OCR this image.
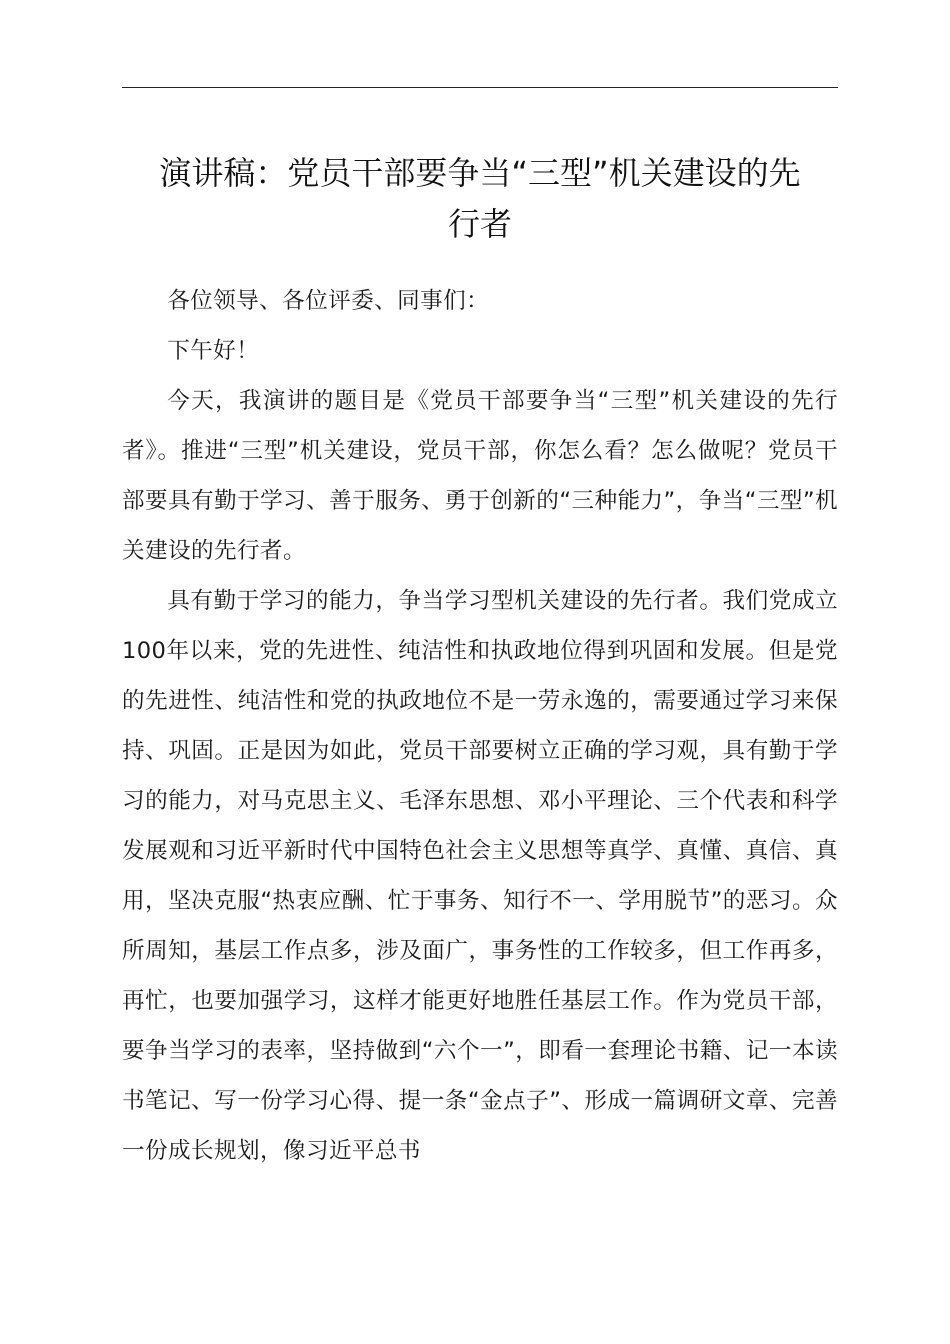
演讲稿：党员干部要争当“三型”机关建设的先
行者

各位领导、各位评委、同事们：

下午好！

今天，我演讲的题目是《党员干部要争当“三型”机关建设的先行者》。推进“三型”机关建设，党员干部，你怎么看？怎么做呢？党员干部要具有勤于学习、善于服务、勇于创新的“三种能力”，争当“三型”机关建设的先行者。

具有勤于学习的能力，争当学习型机关建设的先行者。我们党成立100年以来，党的先进性、纯洁性和执政地位得到巩固和发展。但是党的先进性、纯洁性和党的执政地位不是一劳永逸的，需要通过学习来保持、巩固。正是因为如此，党员干部要树立正确的学习观，具有勤于学习的能力，对马克思主义、毛泽东思想、邓小平理论、三个代表和科学发展观和习近平新时代中国特色社会主义思想等真学、真懂、真信、真用，坚决克服“热衷应酬、忙于事务、知行不一、学用脱节”的恶习。众所周知，基层工作点多，涉及面广，事务性的工作较多，但工作再多，再忙，也要加强学习，这样才能更好地胜任基层工作。作为党员干部，要争当学习的表率，坚持做到“六个一”，即看一套理论书籍、记一本读书笔记、写一份学习心得、提一条“金点子”、形成一篇调研文章、完善一份成长规划，像习近平总书
